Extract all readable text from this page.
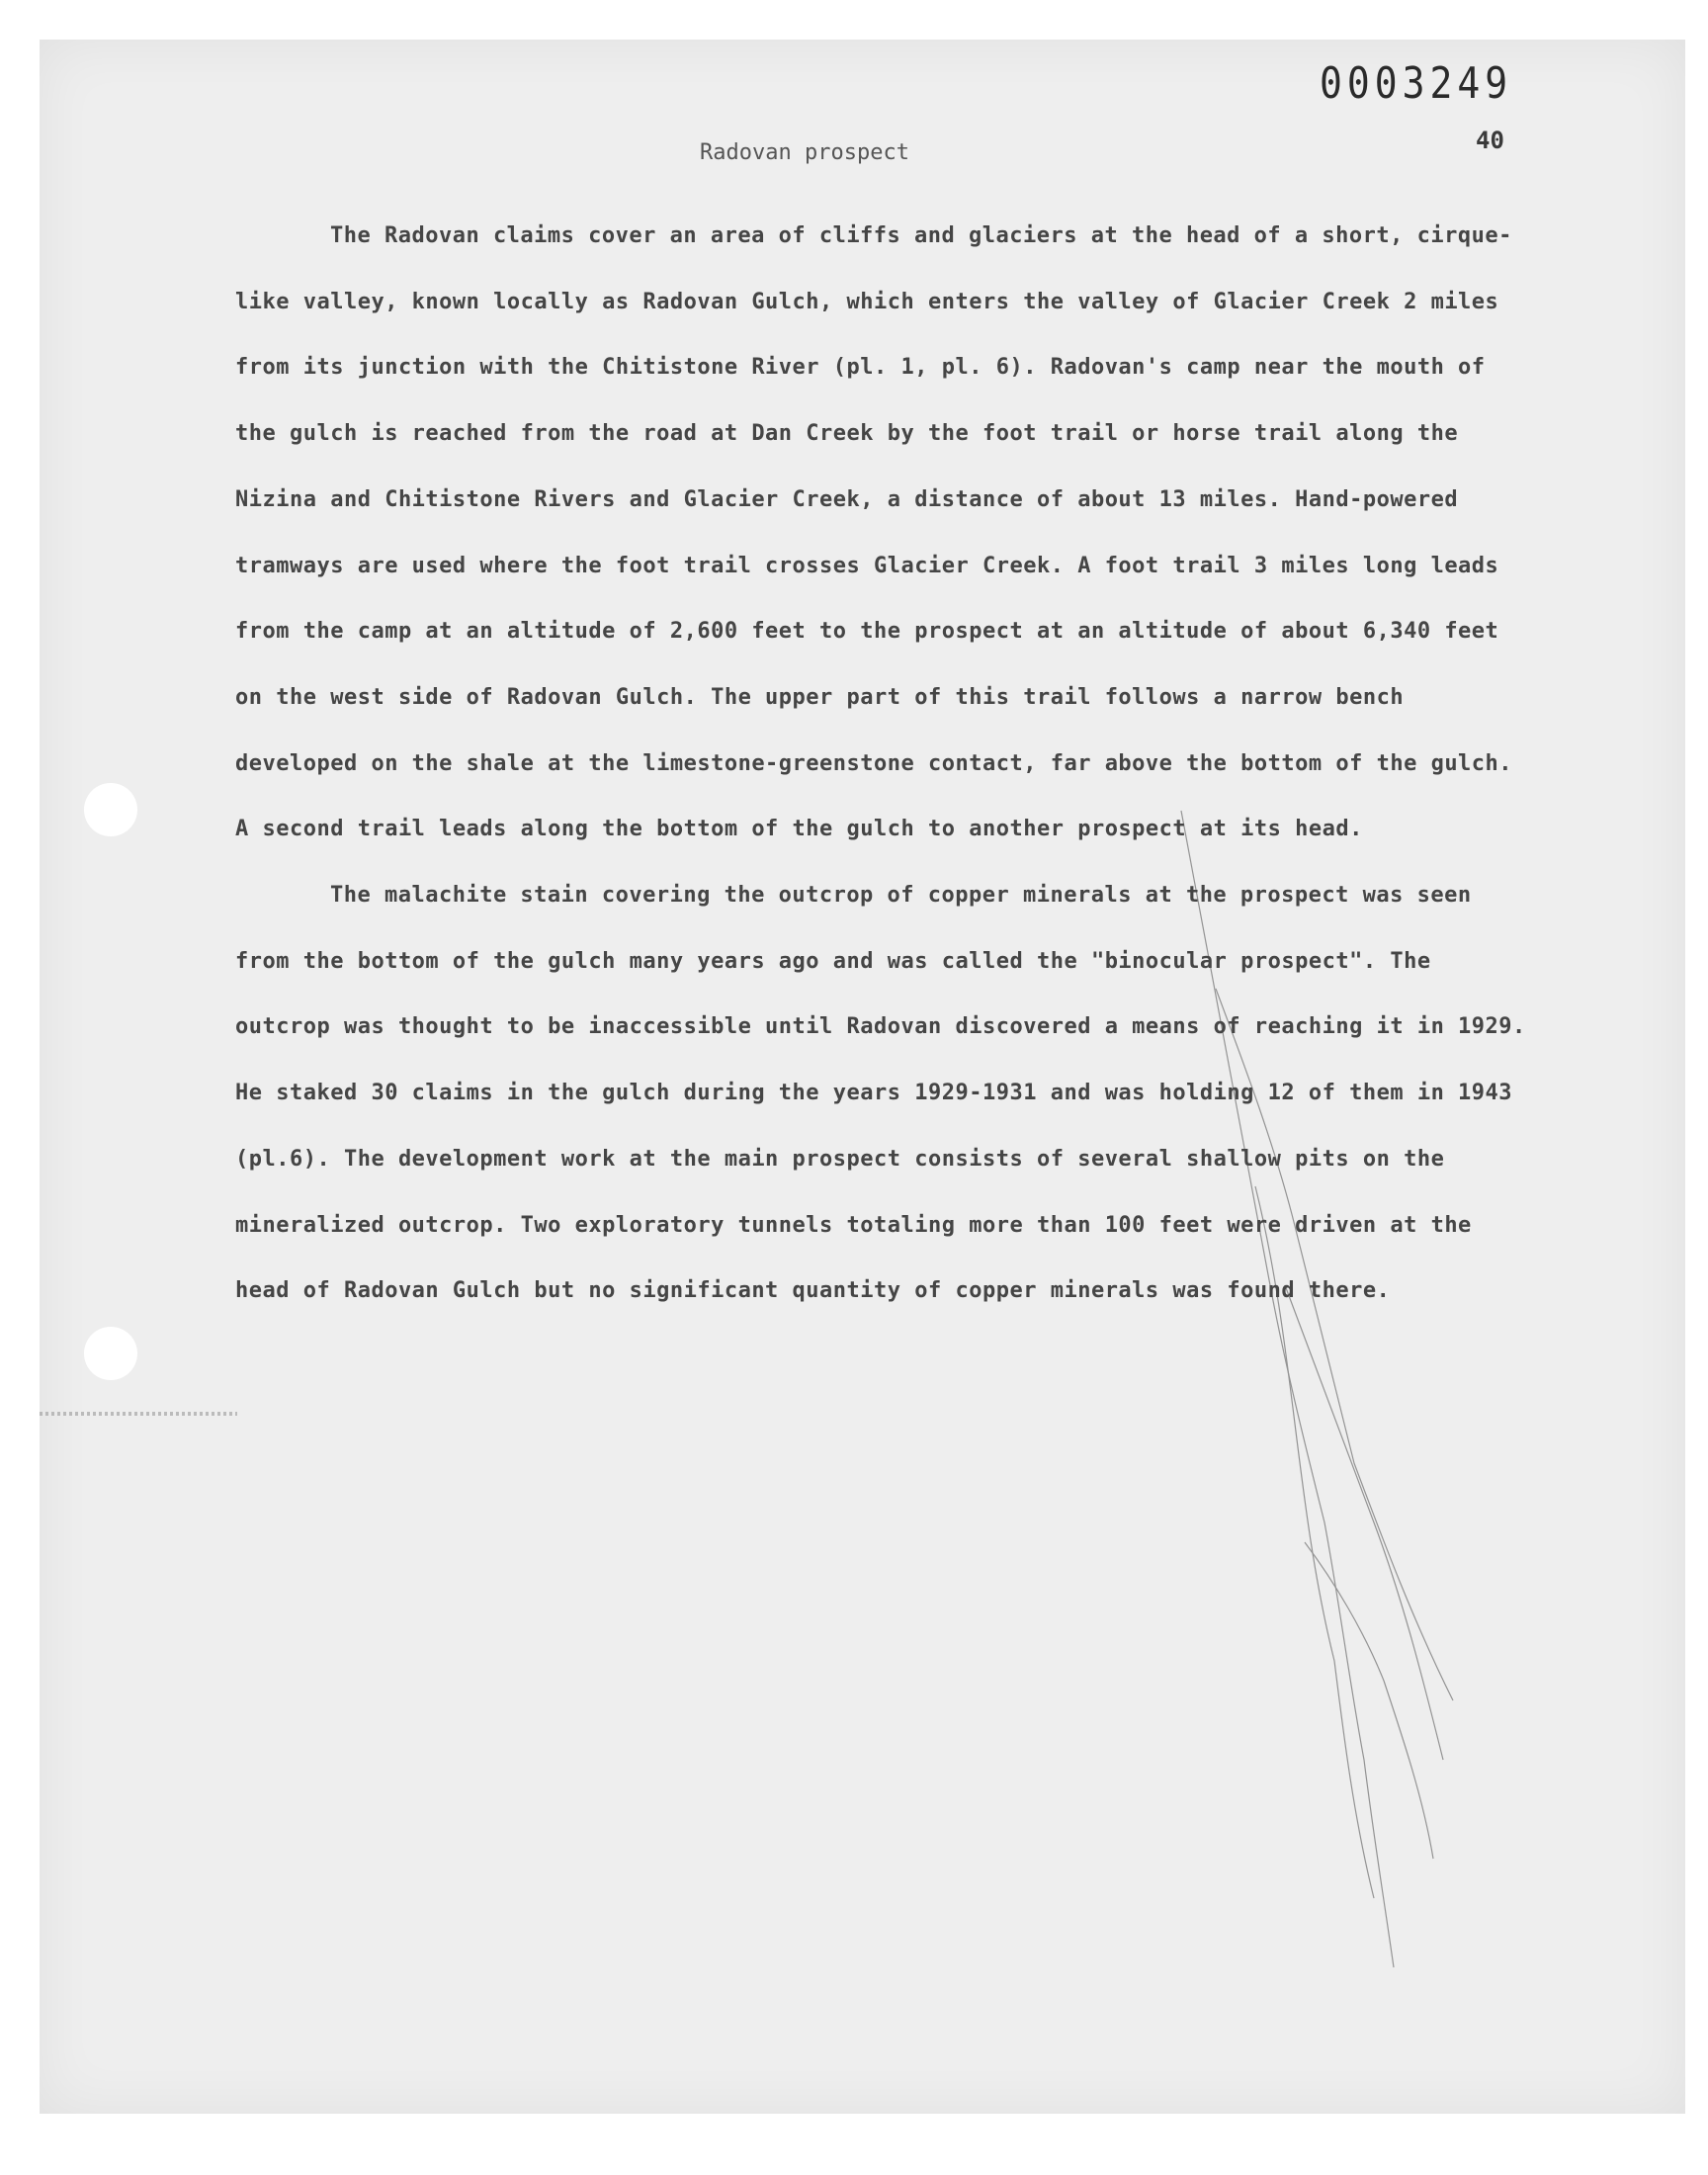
0003249
40
Radovan prospect

The Radovan claims cover an area of cliffs and glaciers at the head of a short, cirque-like valley, known locally as Radovan Gulch, which enters the valley of Glacier Creek 2 miles from its junction with the Chitistone River (pl. 1, pl. 6). Radovan's camp near the mouth of the gulch is reached from the road at Dan Creek by the foot trail or horse trail along the Nizina and Chitistone Rivers and Glacier Creek, a distance of about 13 miles. Hand-powered tramways are used where the foot trail crosses Glacier Creek. A foot trail 3 miles long leads from the camp at an altitude of 2,600 feet to the prospect at an altitude of about 6,340 feet on the west side of Radovan Gulch. The upper part of this trail follows a narrow bench developed on the shale at the limestone-greenstone contact, far above the bottom of the gulch. A second trail leads along the bottom of the gulch to another prospect at its head.

The malachite stain covering the outcrop of copper minerals at the prospect was seen from the bottom of the gulch many years ago and was called the "binocular prospect". The outcrop was thought to be inaccessible until Radovan discovered a means of reaching it in 1929. He staked 30 claims in the gulch during the years 1929-1931 and was holding 12 of them in 1943 (pl.6). The development work at the main prospect consists of several shallow pits on the mineralized outcrop. Two exploratory tunnels totaling more than 100 feet were driven at the head of Radovan Gulch but no significant quantity of copper minerals was found there.
